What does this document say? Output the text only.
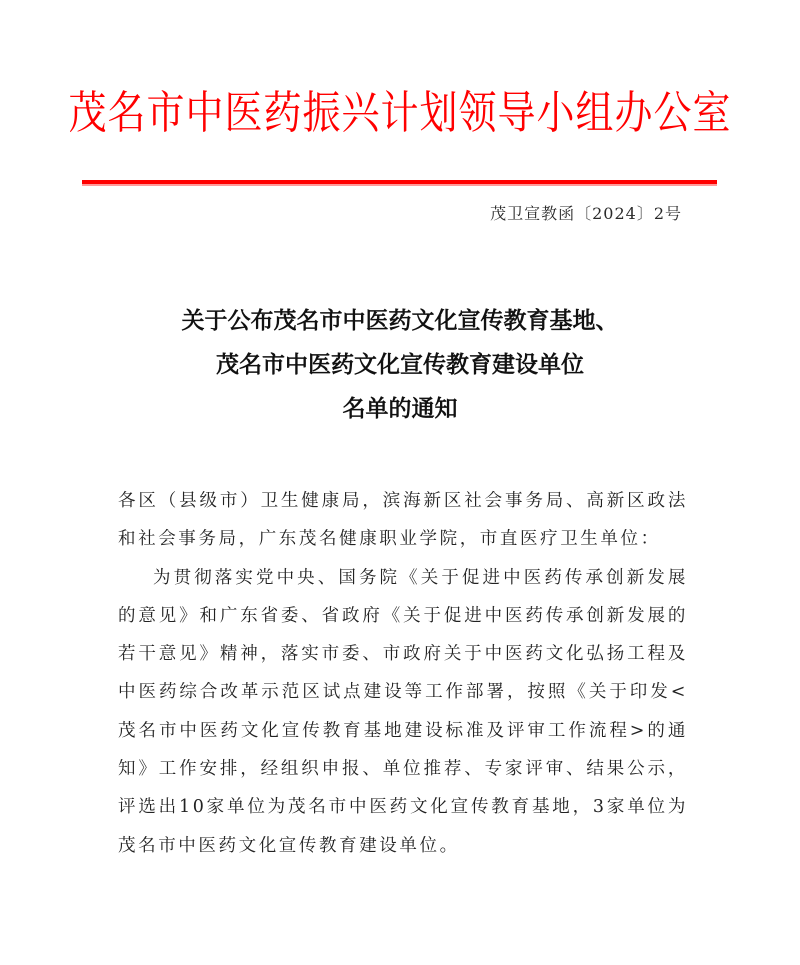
茂名市中医药振兴计划领导小组办公室
茂卫宣教函〔2024〕2号
关于公布茂名市中医药文化宣传教育基地、
茂名市中医药文化宣传教育建设单位
名单的通知

各区（县级市）卫生健康局，滨海新区社会事务局、高新区政法和社会事务局，广东茂名健康职业学院，市直医疗卫生单位：

为贯彻落实党中央、国务院《关于促进中医药传承创新发展的意见》和广东省委、省政府《关于促进中医药传承创新发展的若干意见》精神，落实市委、市政府关于中医药文化弘扬工程及中医药综合改革示范区试点建设等工作部署，按照《关于印发<茂名市中医药文化宣传教育基地建设标准及评审工作流程>的通知》工作安排，经组织申报、单位推荐、专家评审、结果公示，评选出10家单位为茂名市中医药文化宣传教育基地，3家单位为茂名市中医药文化宣传教育建设单位。
